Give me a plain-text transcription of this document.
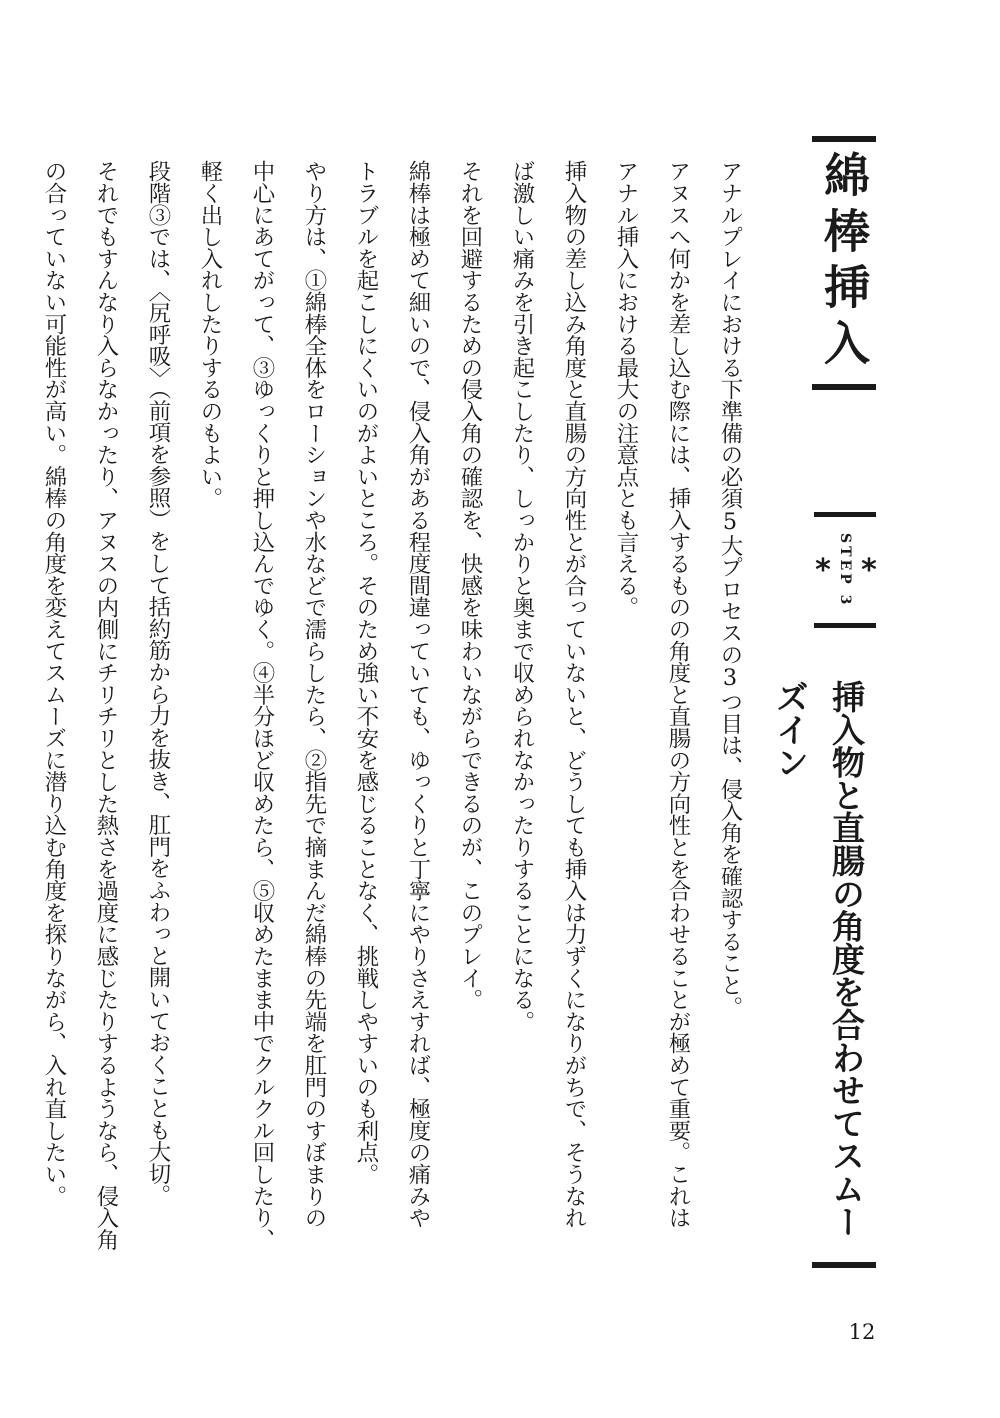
綿棒挿入
*
STEP 3
*
挿入物と直腸の角度を合わせてスムーズイン

アナルプレイにおける下準備の必須5大プロセスの3つ目は、侵入角を確認すること。

アヌスへ何かを差し込む際には、挿入するものの角度と直腸の方向性とを合わせることが極めて重要。これは

アナル挿入における最大の注意点とも言える。

挿入物の差し込み角度と直腸の方向性とが合っていないと、どうしても挿入は力ずくになりがちで、そうなれ

ば激しい痛みを引き起こしたり、しっかりと奥まで収められなかったりすることになる。

それを回避するための侵入角の確認を、快感を味わいながらできるのが、このプレイ。

綿棒は極めて細いので、侵入角がある程度間違っていても、ゆっくりと丁寧にやりさえすれば、極度の痛みや

トラブルを起こしにくいのがよいところ。そのため強い不安を感じることなく、挑戦しやすいのも利点。

やり方は、①綿棒全体をローションや水などで濡らしたら、②指先で摘まんだ綿棒の先端を肛門のすぼまりの

中心にあてがって、③ゆっくりと押し込んでゆく。④半分ほど収めたら、⑤収めたまま中でクルクル回したり、

軽く出し入れしたりするのもよい。

段階③では、〈尻呼吸〉（前項を参照）をして括約筋から力を抜き、肛門をふわっと開いておくことも大切。

それでもすんなり入らなかったり、アヌスの内側にチリチリとした熱さを過度に感じたりするようなら、侵入角

の合っていない可能性が高い。綿棒の角度を変えてスムーズに潜り込む角度を探りながら、入れ直したい。

12
